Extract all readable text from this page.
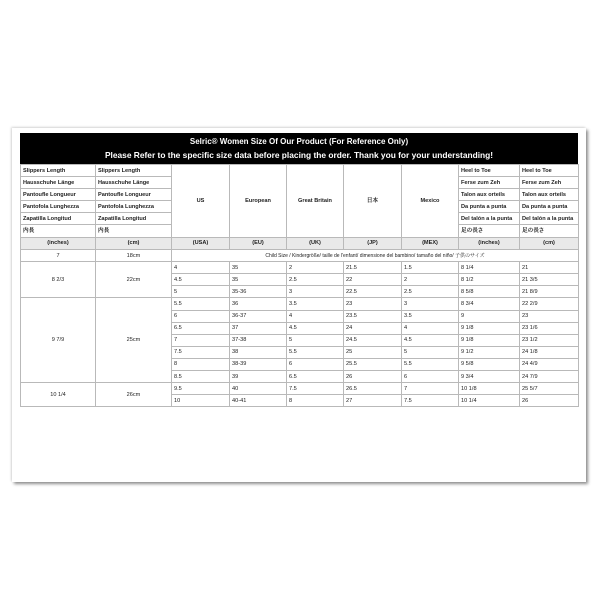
Selric® Women Size Of Our Product (For Reference Only)
Please Refer to the specific size data before placing the order. Thank you for your understanding!
Slippers Length	Slippers Length	US	European	Great Britain	日本	Mexico	Heel to Toe	Heel to Toe
Hausschuhe Länge	Hausschuhe Länge						Ferse zum Zeh	Ferse zum Zeh
Pantoufle Longueur	Pantoufle Longueur						Talon aux orteils	Talon aux orteils
Pantofola Lunghezza	Pantofola Lunghezza						Da punta a punta	Da punta a punta
Zapatilla Longitud	Zapatilla Longitud						Del talón a la punta	Del talón a la punta
内長	内長						足の長さ	足の長さ
(inches)	(cm)	(USA)	(EU)	(UK)	(JP)	(MEX)	(inches)	(cm)
7	18cm	Child Size / Kindergröße/ taille de l'enfant/ dimensione del bambino/ tamaño del niño/ 子供のサイズ						
8 2/3	22cm	4	35	2	21.5	1.5	8 1/4	21
		4.5	35	2.5	22	2	8 1/2	21 3/5
		5	35-36	3	22.5	2.5	8 5/8	21 8/9
9 7/9	25cm	5.5	36	3.5	23	3	8 3/4	22 2/9
		6	36-37	4	23.5	3.5	9	23
		6.5	37	4.5	24	4	9 1/8	23 1/6
		7	37-38	5	24.5	4.5	9 1/8	23 1/2
		7.5	38	5.5	25	5	9 1/2	24 1/8
		8	38-39	6	25.5	5.5	9 5/8	24 4/9
		8.5	39	6.5	26	6	9 3/4	24 7/9
10 1/4	26cm	9.5	40	7.5	26.5	7	10 1/8	25 5/7
		10	40-41	8	27	7.5	10 1/4	26
